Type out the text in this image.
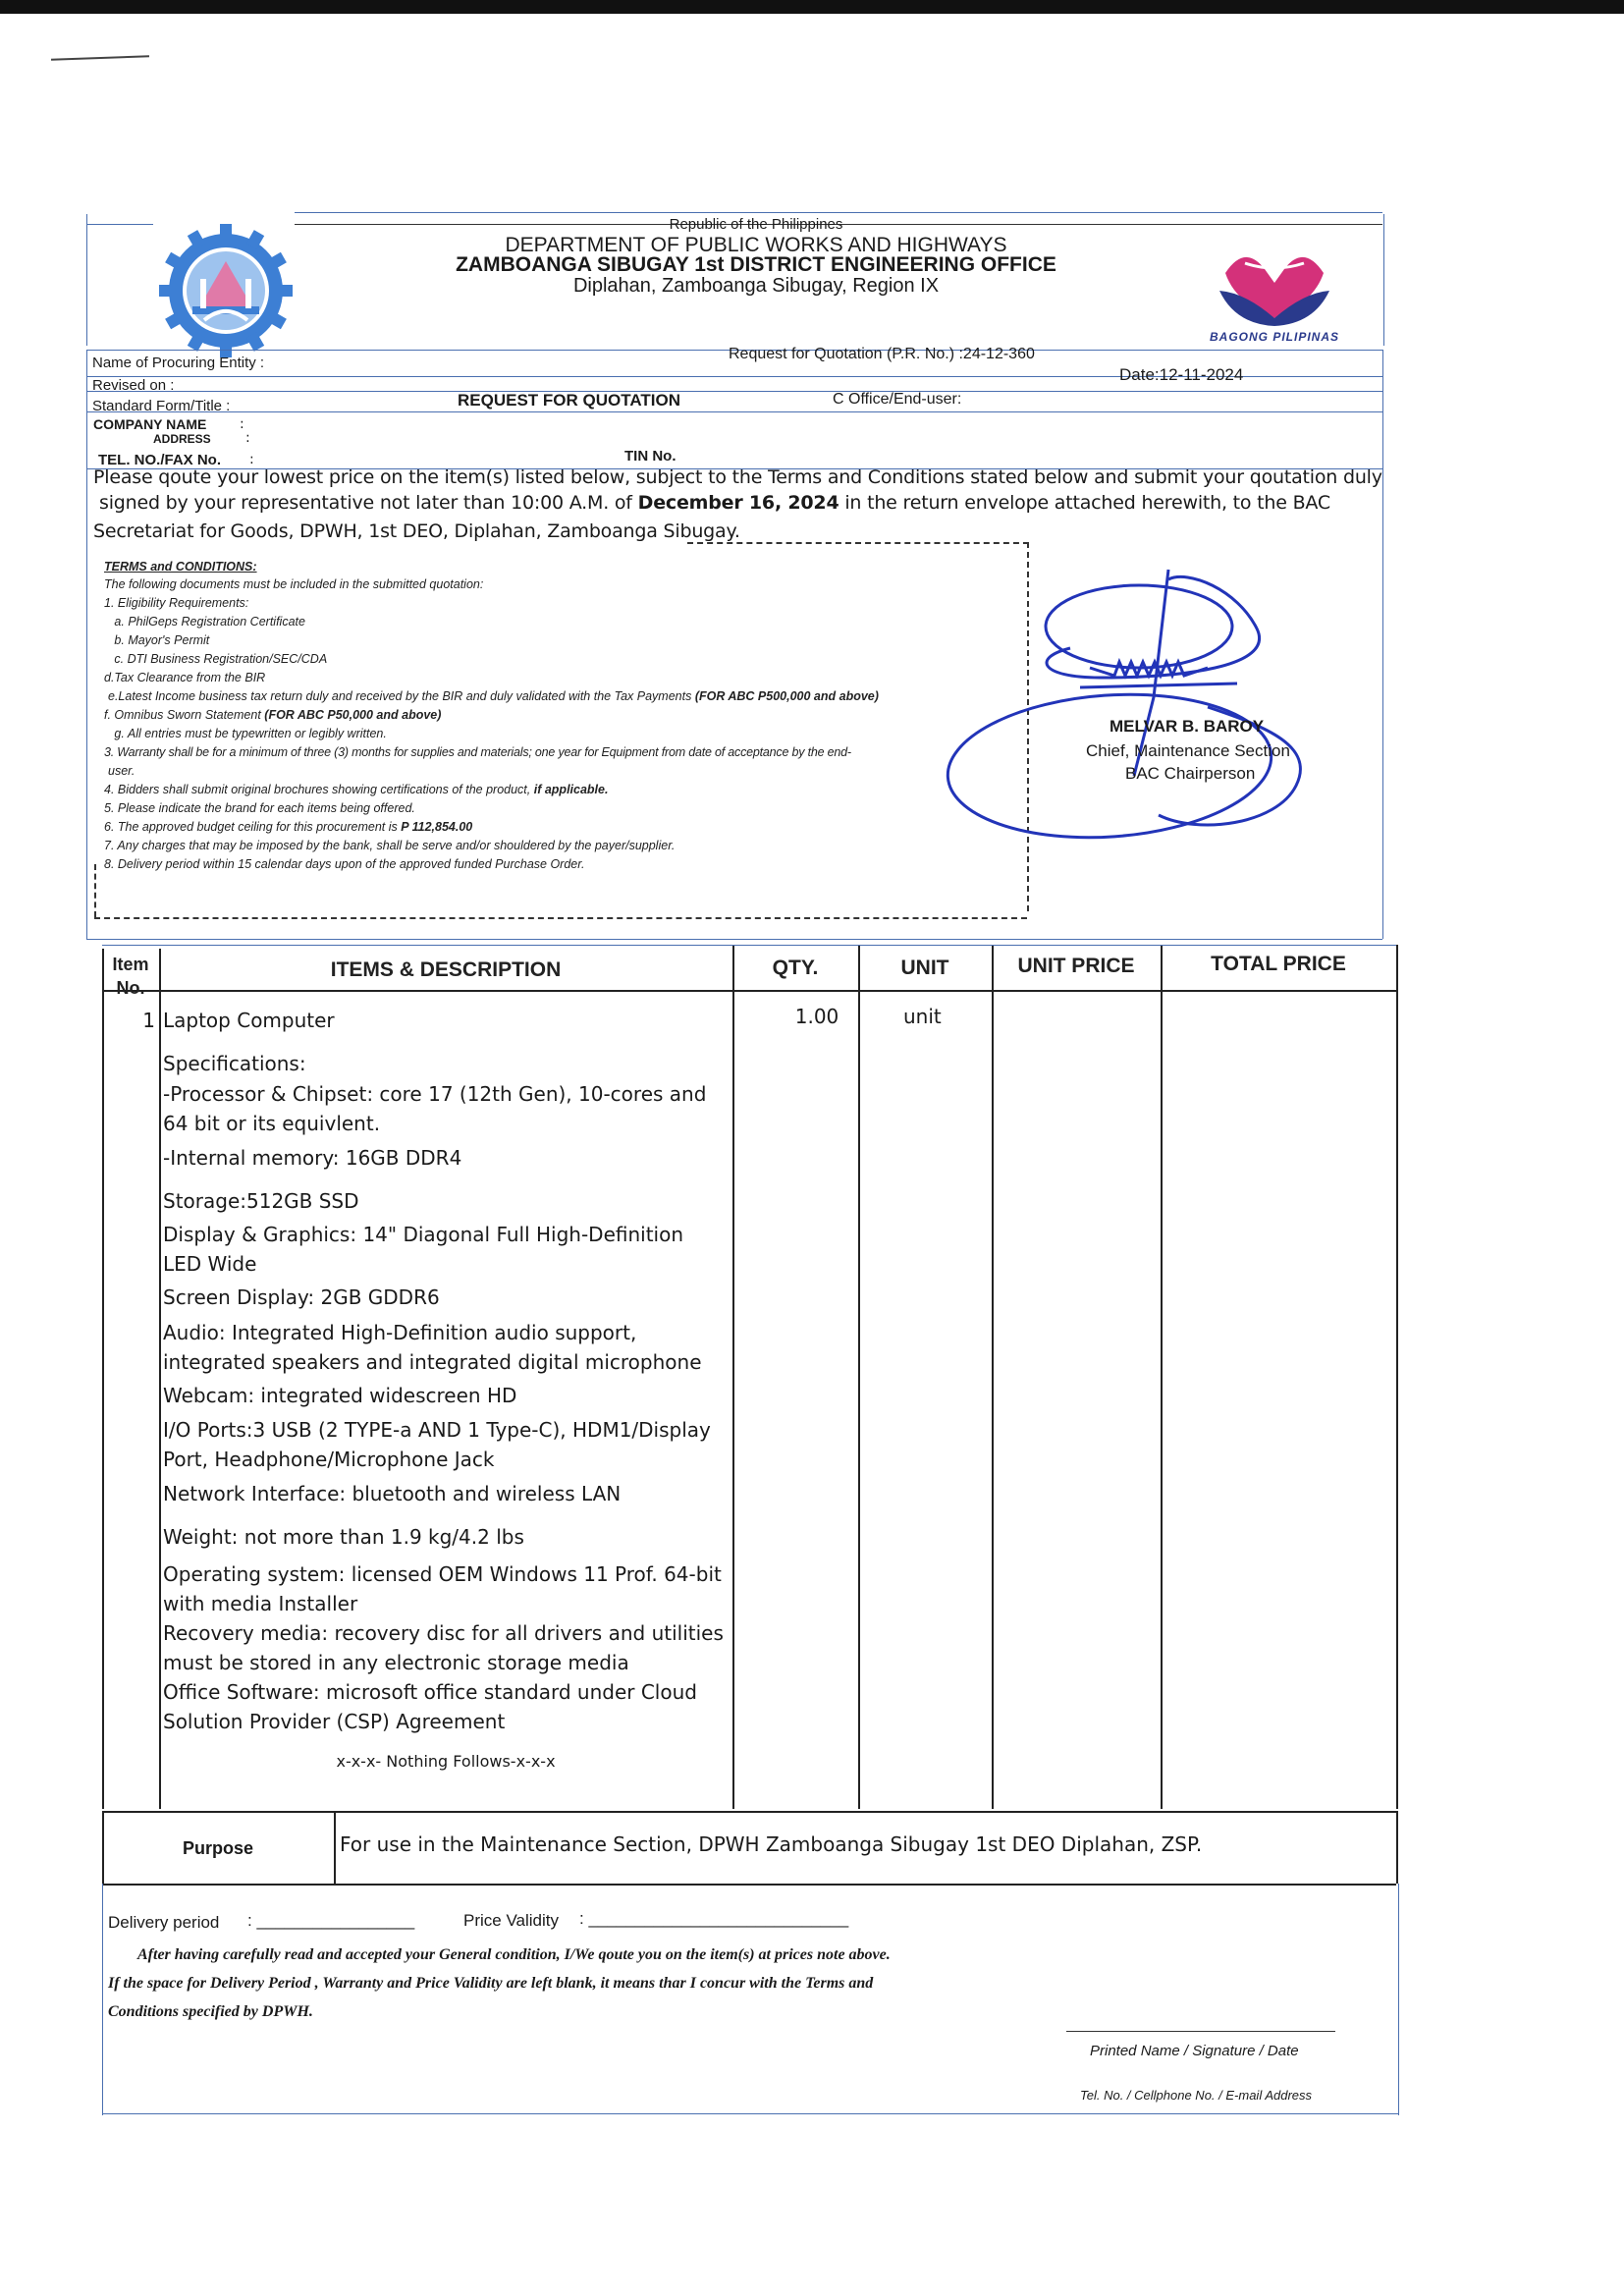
Republic of the Philippines
DEPARTMENT OF PUBLIC WORKS AND HIGHWAYS
ZAMBOANGA SIBUGAY 1st DISTRICT ENGINEERING OFFICE
Diplahan, Zamboanga Sibugay, Region IX
BAGONG PILIPINAS
Name of Procuring Entity :
Request for Quotation (P.R. No.) :24-12-360
Revised on :
Date:12-11-2024
Standard Form/Title :	REQUEST FOR QUOTATION	C Office/End-user:
COMPANY NAME :
ADDRESS	:
TEL. NO./FAX No. :	TIN No.
Please qoute your lowest price on the item(s) listed below, subject to the Terms and Conditions stated below and submit your qoutation duly
signed by your representative not later than 10:00 A.M. of December 16, 2024 in the return envelope attached herewith, to the BAC
Secretariat for Goods, DPWH, 1st DEO, Diplahan, Zamboanga Sibugay.
TERMS and CONDITIONS:
The following documents must be included in the submitted quotation:
1. Eligibility Requirements:
a. PhilGeps Registration Certificate
b. Mayor's Permit
c. DTI Business Registration/SEC/CDA
d.Tax Clearance from the BIR
e.Latest Income business tax return duly and received by the BIR and duly validated with the Tax Payments (FOR ABC P500,000 and above)
f. Omnibus Sworn Statement (FOR ABC P50,000 and above)
g. All entries must be typewritten or legibly written.
3. Warranty shall be for a minimum of three (3) months for supplies and materials; one year for Equipment from date of acceptance by the end-
user.
4. Bidders shall submit original brochures showing certifications of the product, if applicable.
5. Please indicate the brand for each items being offered.
6. The approved budget ceiling for this procurement is P 112,854.00
7. Any charges that may be imposed by the bank, shall be serve and/or shouldered by the payer/supplier.
8. Delivery period within 15 calendar days upon of the approved funded Purchase Order.
MELVAR B. BAROY
Chief, Maintenance Section
BAC Chairperson
Item No.
ITEMS & DESCRIPTION	QTY.	UNIT	UNIT PRICE	TOTAL PRICE
1 Laptop Computer	1.00	unit
Specifications:
-Processor & Chipset: core 17 (12th Gen), 10-cores and 64 bit or its equivlent.
-Internal memory: 16GB DDR4
Storage:512GB SSD
Display & Graphics: 14" Diagonal Full High-Definition LED Wide
Screen Display: 2GB GDDR6
Audio: Integrated High-Definition audio support, integrated speakers and integrated digital microphone
Webcam: integrated widescreen HD
I/O Ports:3 USB (2 TYPE-a AND 1 Type-C), HDM1/Display Port, Headphone/Microphone Jack
Network Interface: bluetooth and wireless LAN
Weight: not more than 1.9 kg/4.2 lbs
Operating system: licensed OEM Windows 11 Prof. 64-bit with media Installer
Recovery media: recovery disc for all drivers and utilities must be stored in any electronic storage media
Office Software: microsoft office standard under Cloud Solution Provider (CSP) Agreement
x-x-x- Nothing Follows-x-x-x
Purpose	For use in the Maintenance Section, DPWH Zamboanga Sibugay 1st DEO Diplahan, ZSP.
Delivery period : _________________	Price Validity : ____________________________
After having carefully read and accepted your General condition, I/We qoute you on the item(s) at prices note above. If the space for Delivery Period , Warranty and Price Validity are left blank, it means thar I concur with the Terms and Conditions specified by DPWH.
Printed Name / Signature / Date
Tel. No. / Cellphone No. / E-mail Address
